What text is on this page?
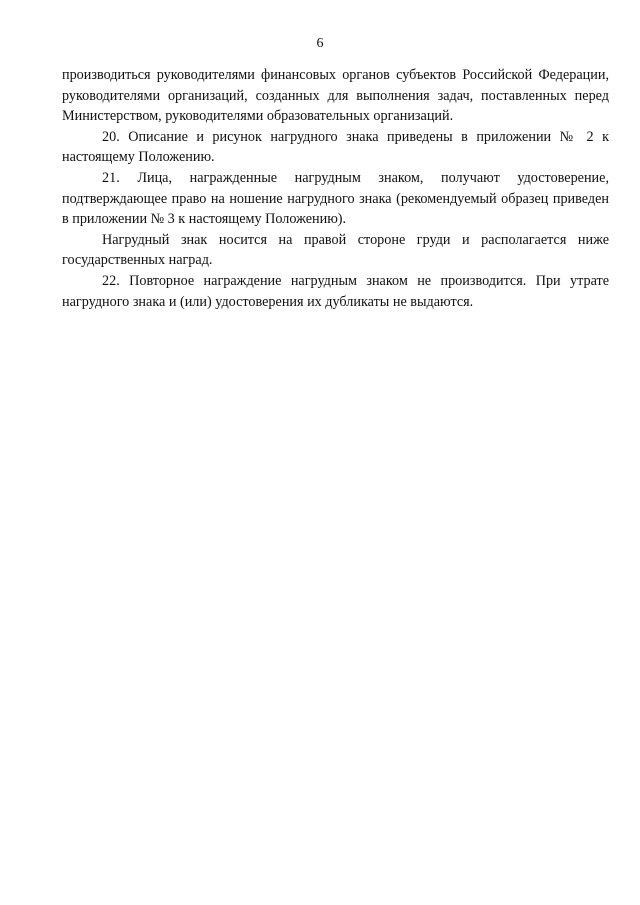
6

производиться руководителями финансовых органов субъектов Российской Федерации, руководителями организаций, созданных для выполнения задач, поставленных перед Министерством, руководителями образовательных организаций.

20. Описание и рисунок нагрудного знака приведены в приложении № 2 к настоящему Положению.

21. Лица, награжденные нагрудным знаком, получают удостоверение, подтверждающее право на ношение нагрудного знака (рекомендуемый образец приведен в приложении № 3 к настоящему Положению).

Нагрудный знак носится на правой стороне груди и располагается ниже государственных наград.

22. Повторное награждение нагрудным знаком не производится. При утрате нагрудного знака и (или) удостоверения их дубликаты не выдаются.
